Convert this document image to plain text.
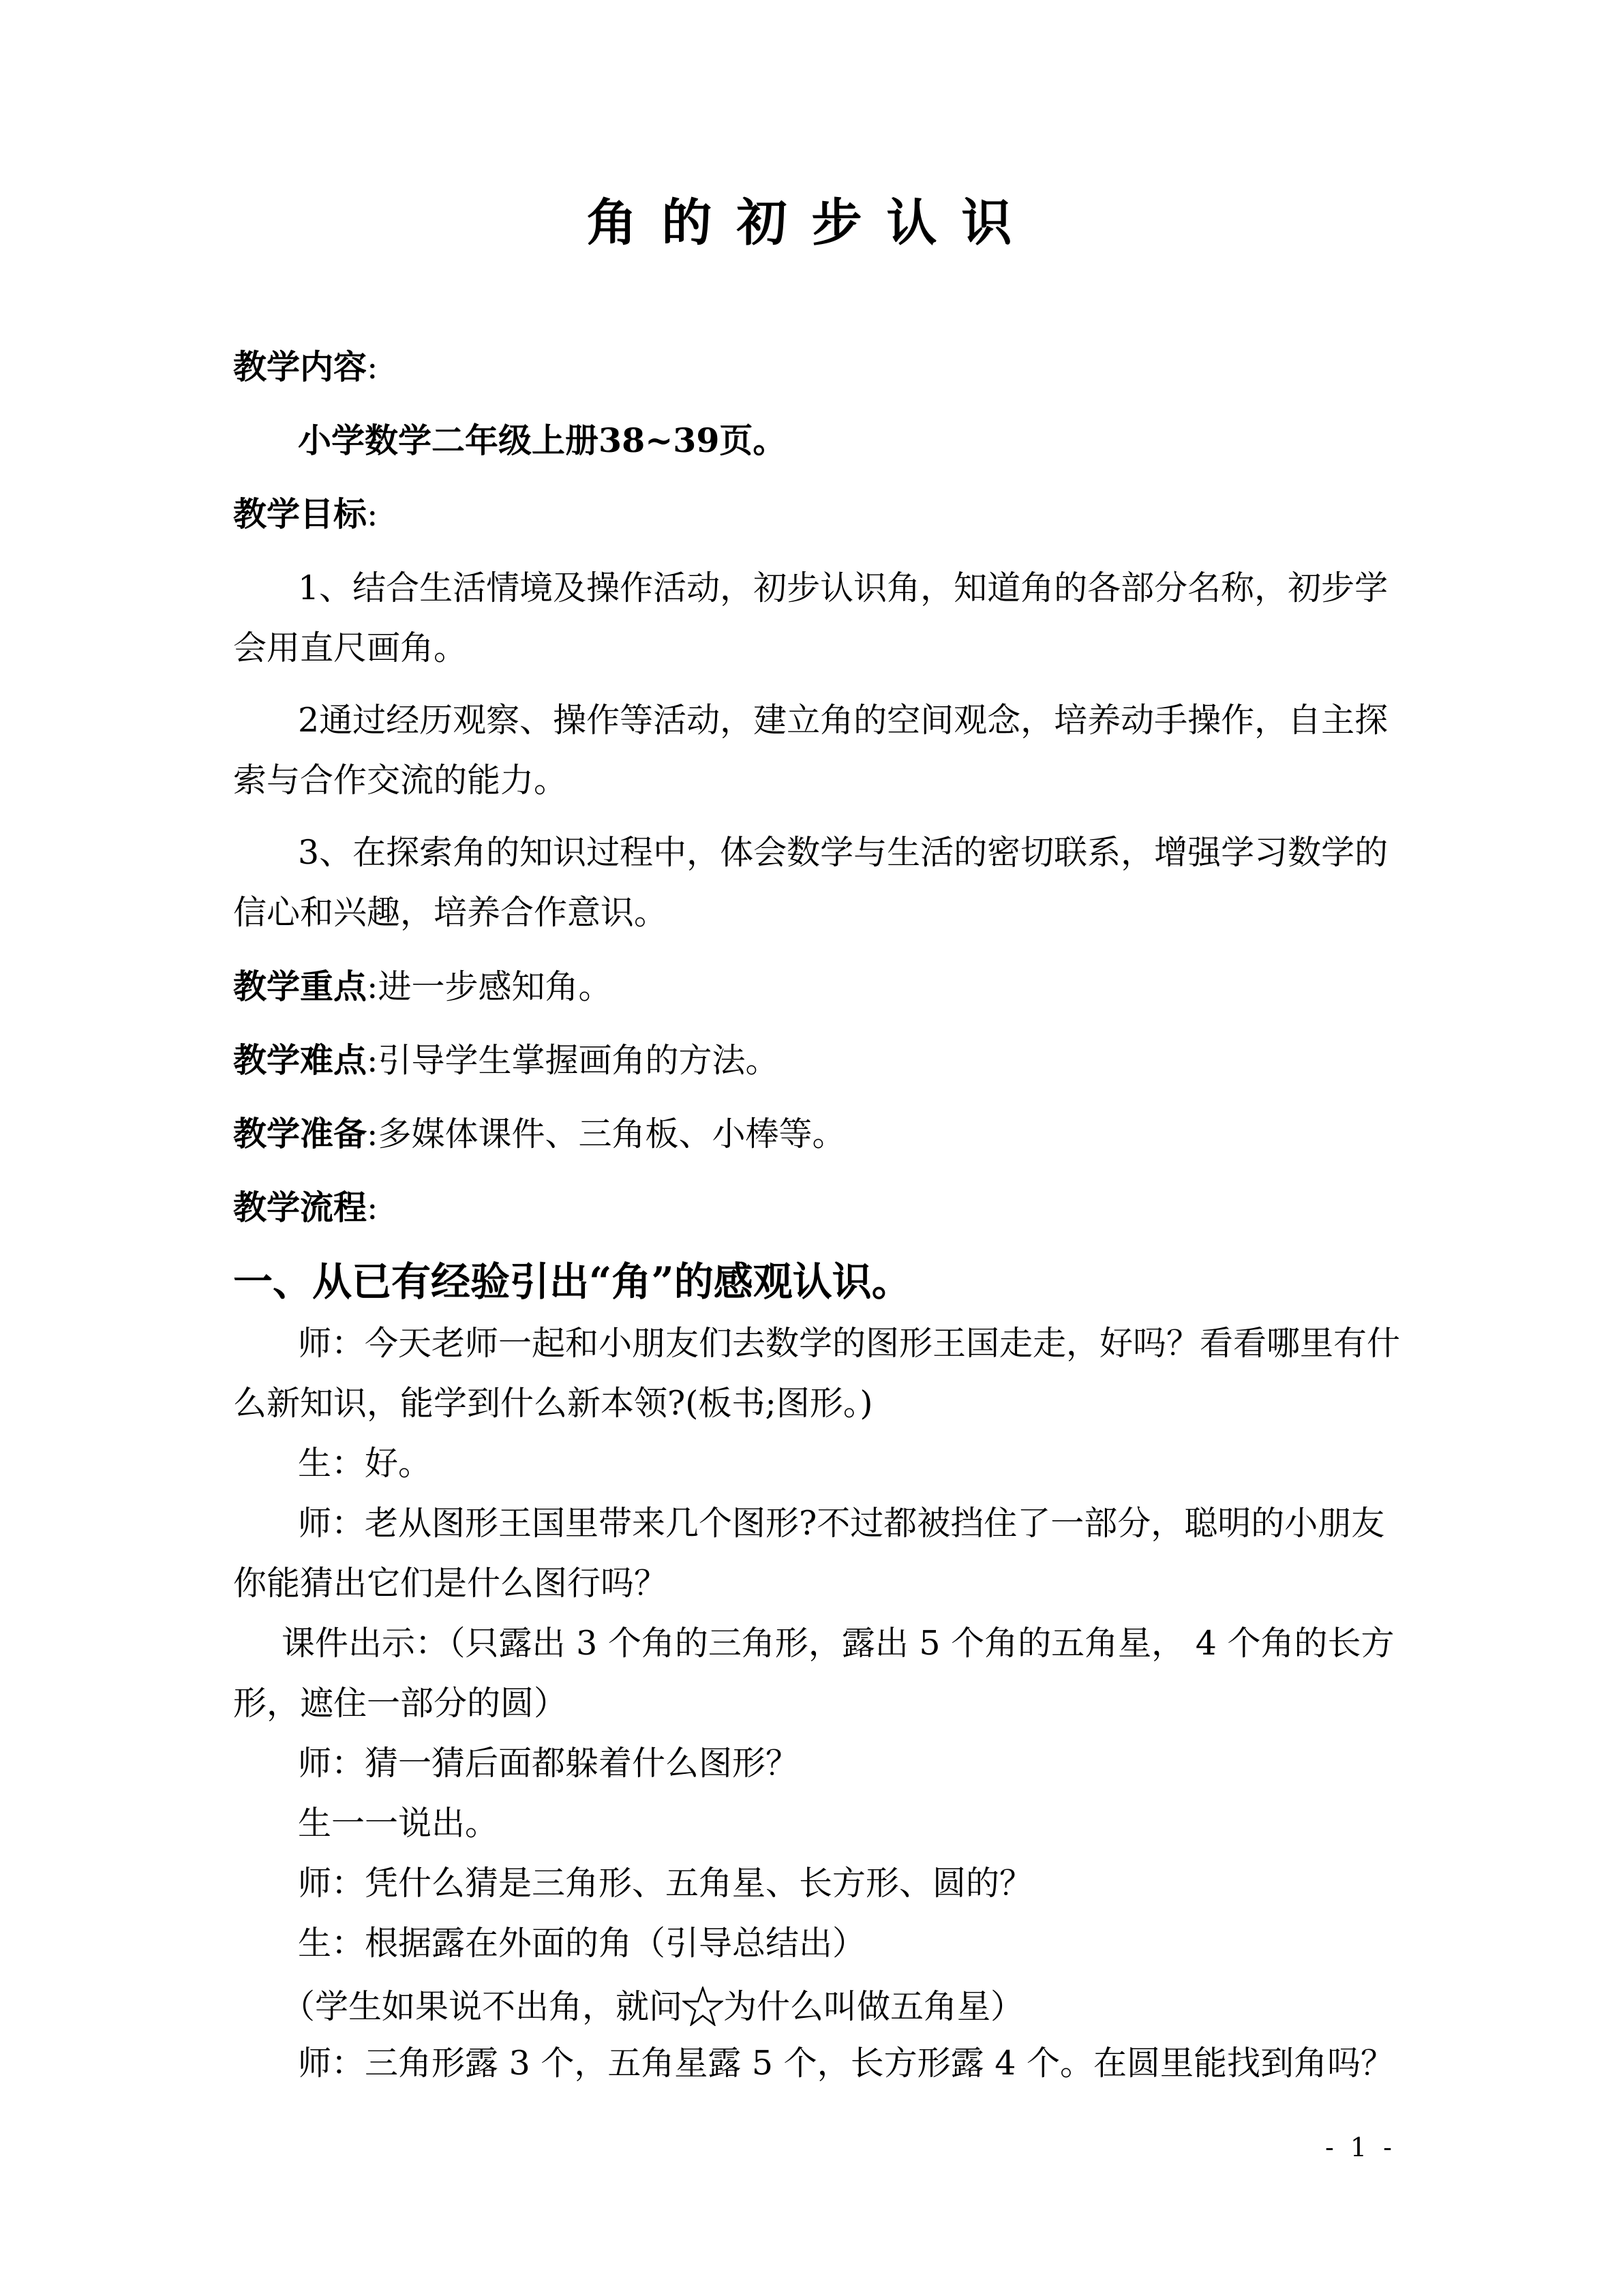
角的初步认识
教学内容:
小学数学二年级上册38~39页。
教学目标:
1、结合生活情境及操作活动，初步认识角，知道角的各部分名称，初步学
会用直尺画角。
2通过经历观察、操作等活动，建立角的空间观念，培养动手操作，自主探
索与合作交流的能力。
3、在探索角的知识过程中，体会数学与生活的密切联系，增强学习数学的
信心和兴趣，培养合作意识。
教学重点:进一步感知角。
教学难点:引导学生掌握画角的方法。
教学准备:多媒体课件、三角板、小棒等。
教学流程:
一、从已有经验引出“角”的感观认识。
师：今天老师一起和小朋友们去数学的图形王国走走，好吗？看看哪里有什
么新知识，能学到什么新本领?(板书;图形。)
生：好。
师：老从图形王国里带来几个图形?不过都被挡住了一部分，聪明的小朋友
你能猜出它们是什么图行吗？
课件出示：（只露出 3 个角的三角形，露出 5 个角的五角星， 4 个角的长方
形，遮住一部分的圆）
师：猜一猜后面都躲着什么图形？
生一一说出。
师：凭什么猜是三角形、五角星、长方形、圆的？
生：根据露在外面的角（引导总结出）
（学生如果说不出角，就问 为什么叫做五角星）
师：三角形露 3 个，五角星露 5 个，长方形露 4 个。在圆里能找到角吗？
- 1 -
